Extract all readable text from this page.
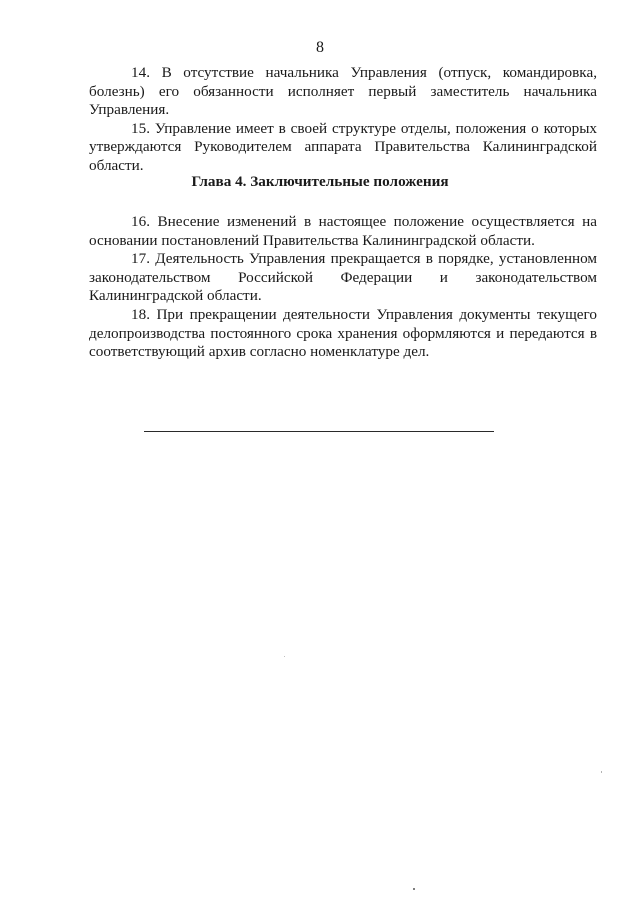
8

14. В отсутствие начальника Управления (отпуск, командировка, болезнь) его обязанности исполняет первый заместитель начальника Управления.

15. Управление имеет в своей структуре отделы, положения о которых утверждаются Руководителем аппарата Правительства Калининградской области.

Глава 4. Заключительные положения

16. Внесение изменений в настоящее положение осуществляется на основании постановлений Правительства Калининградской области.

17. Деятельность Управления прекращается в порядке, установленном законодательством Российской Федерации и законодательством Калининградской области.

18. При прекращении деятельности Управления документы текущего делопроизводства постоянного срока хранения оформляются и передаются в соответствующий архив согласно номенклатуре дел.
